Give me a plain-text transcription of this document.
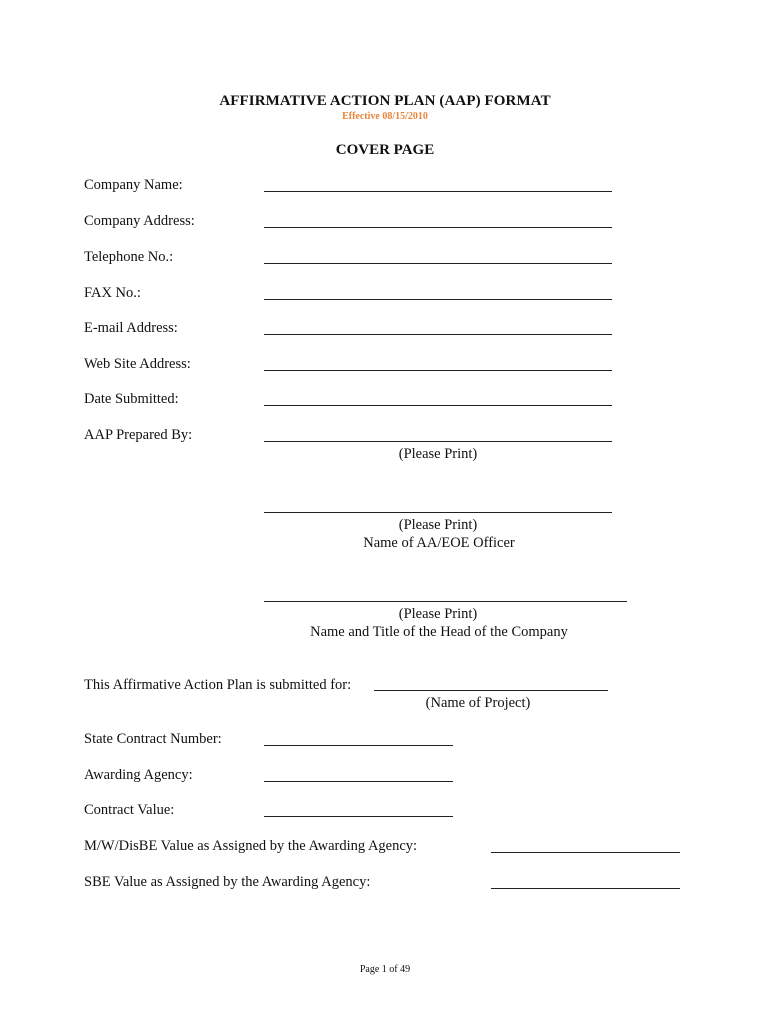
AFFIRMATIVE ACTION PLAN (AAP) FORMAT
Effective 08/15/2010
COVER PAGE
Company Name:
Company Address:
Telephone No.:
FAX No.:
E-mail Address:
Web Site Address:
Date Submitted:
AAP Prepared By:
(Please Print)
(Please Print)
Name of AA/EOE Officer
(Please Print)
Name and Title of the Head of the Company
This Affirmative Action Plan is submitted for:
(Name of Project)
State Contract Number:
Awarding Agency:
Contract Value:
M/W/DisBE Value as Assigned by the Awarding Agency:
SBE Value as Assigned by the Awarding Agency:
Page 1 of 49
